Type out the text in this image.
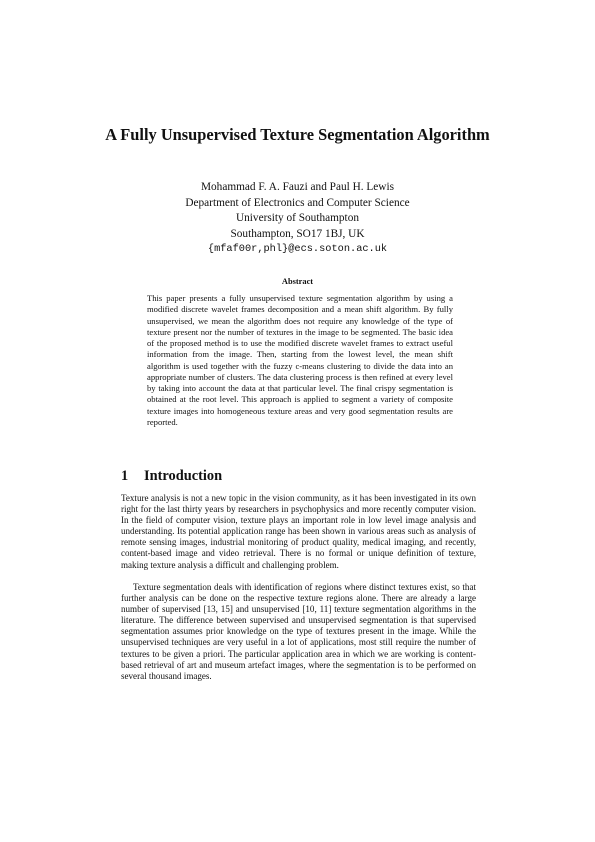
A Fully Unsupervised Texture Segmentation Algorithm
Mohammad F. A. Fauzi and Paul H. Lewis
Department of Electronics and Computer Science
University of Southampton
Southampton, SO17 1BJ, UK
{mfaf00r,phl}@ecs.soton.ac.uk
Abstract

This paper presents a fully unsupervised texture segmentation algorithm by using a modified discrete wavelet frames decomposition and a mean shift algorithm. By fully unsupervised, we mean the algorithm does not require any knowledge of the type of texture present nor the number of textures in the image to be segmented. The basic idea of the proposed method is to use the modified discrete wavelet frames to extract useful information from the image. Then, starting from the lowest level, the mean shift algorithm is used together with the fuzzy c-means clustering to divide the data into an appropriate number of clusters. The data clustering process is then refined at every level by taking into account the data at that particular level. The final crispy segmentation is obtained at the root level. This approach is applied to segment a variety of composite texture images into homogeneous texture areas and very good segmentation results are reported.

1 Introduction

Texture analysis is not a new topic in the vision community, as it has been investigated in its own right for the last thirty years by researchers in psychophysics and more recently computer vision. In the field of computer vision, texture plays an important role in low level image analysis and understanding. Its potential application range has been shown in various areas such as analysis of remote sensing images, industrial monitoring of product quality, medical imaging, and recently, content-based image and video retrieval. There is no formal or unique definition of texture, making texture analysis a difficult and challenging problem.

Texture segmentation deals with identification of regions where distinct textures exist, so that further analysis can be done on the respective texture regions alone. There are already a large number of supervised [13, 15] and unsupervised [10, 11] texture segmentation algorithms in the literature. The difference between supervised and unsupervised segmentation is that supervised segmentation assumes prior knowledge on the type of textures present in the image. While the unsupervised techniques are very useful in a lot of applications, most still require the number of textures to be given a priori. The particular application area in which we are working is content-based retrieval of art and museum artefact images, where the segmentation is to be performed on several thousand images.
